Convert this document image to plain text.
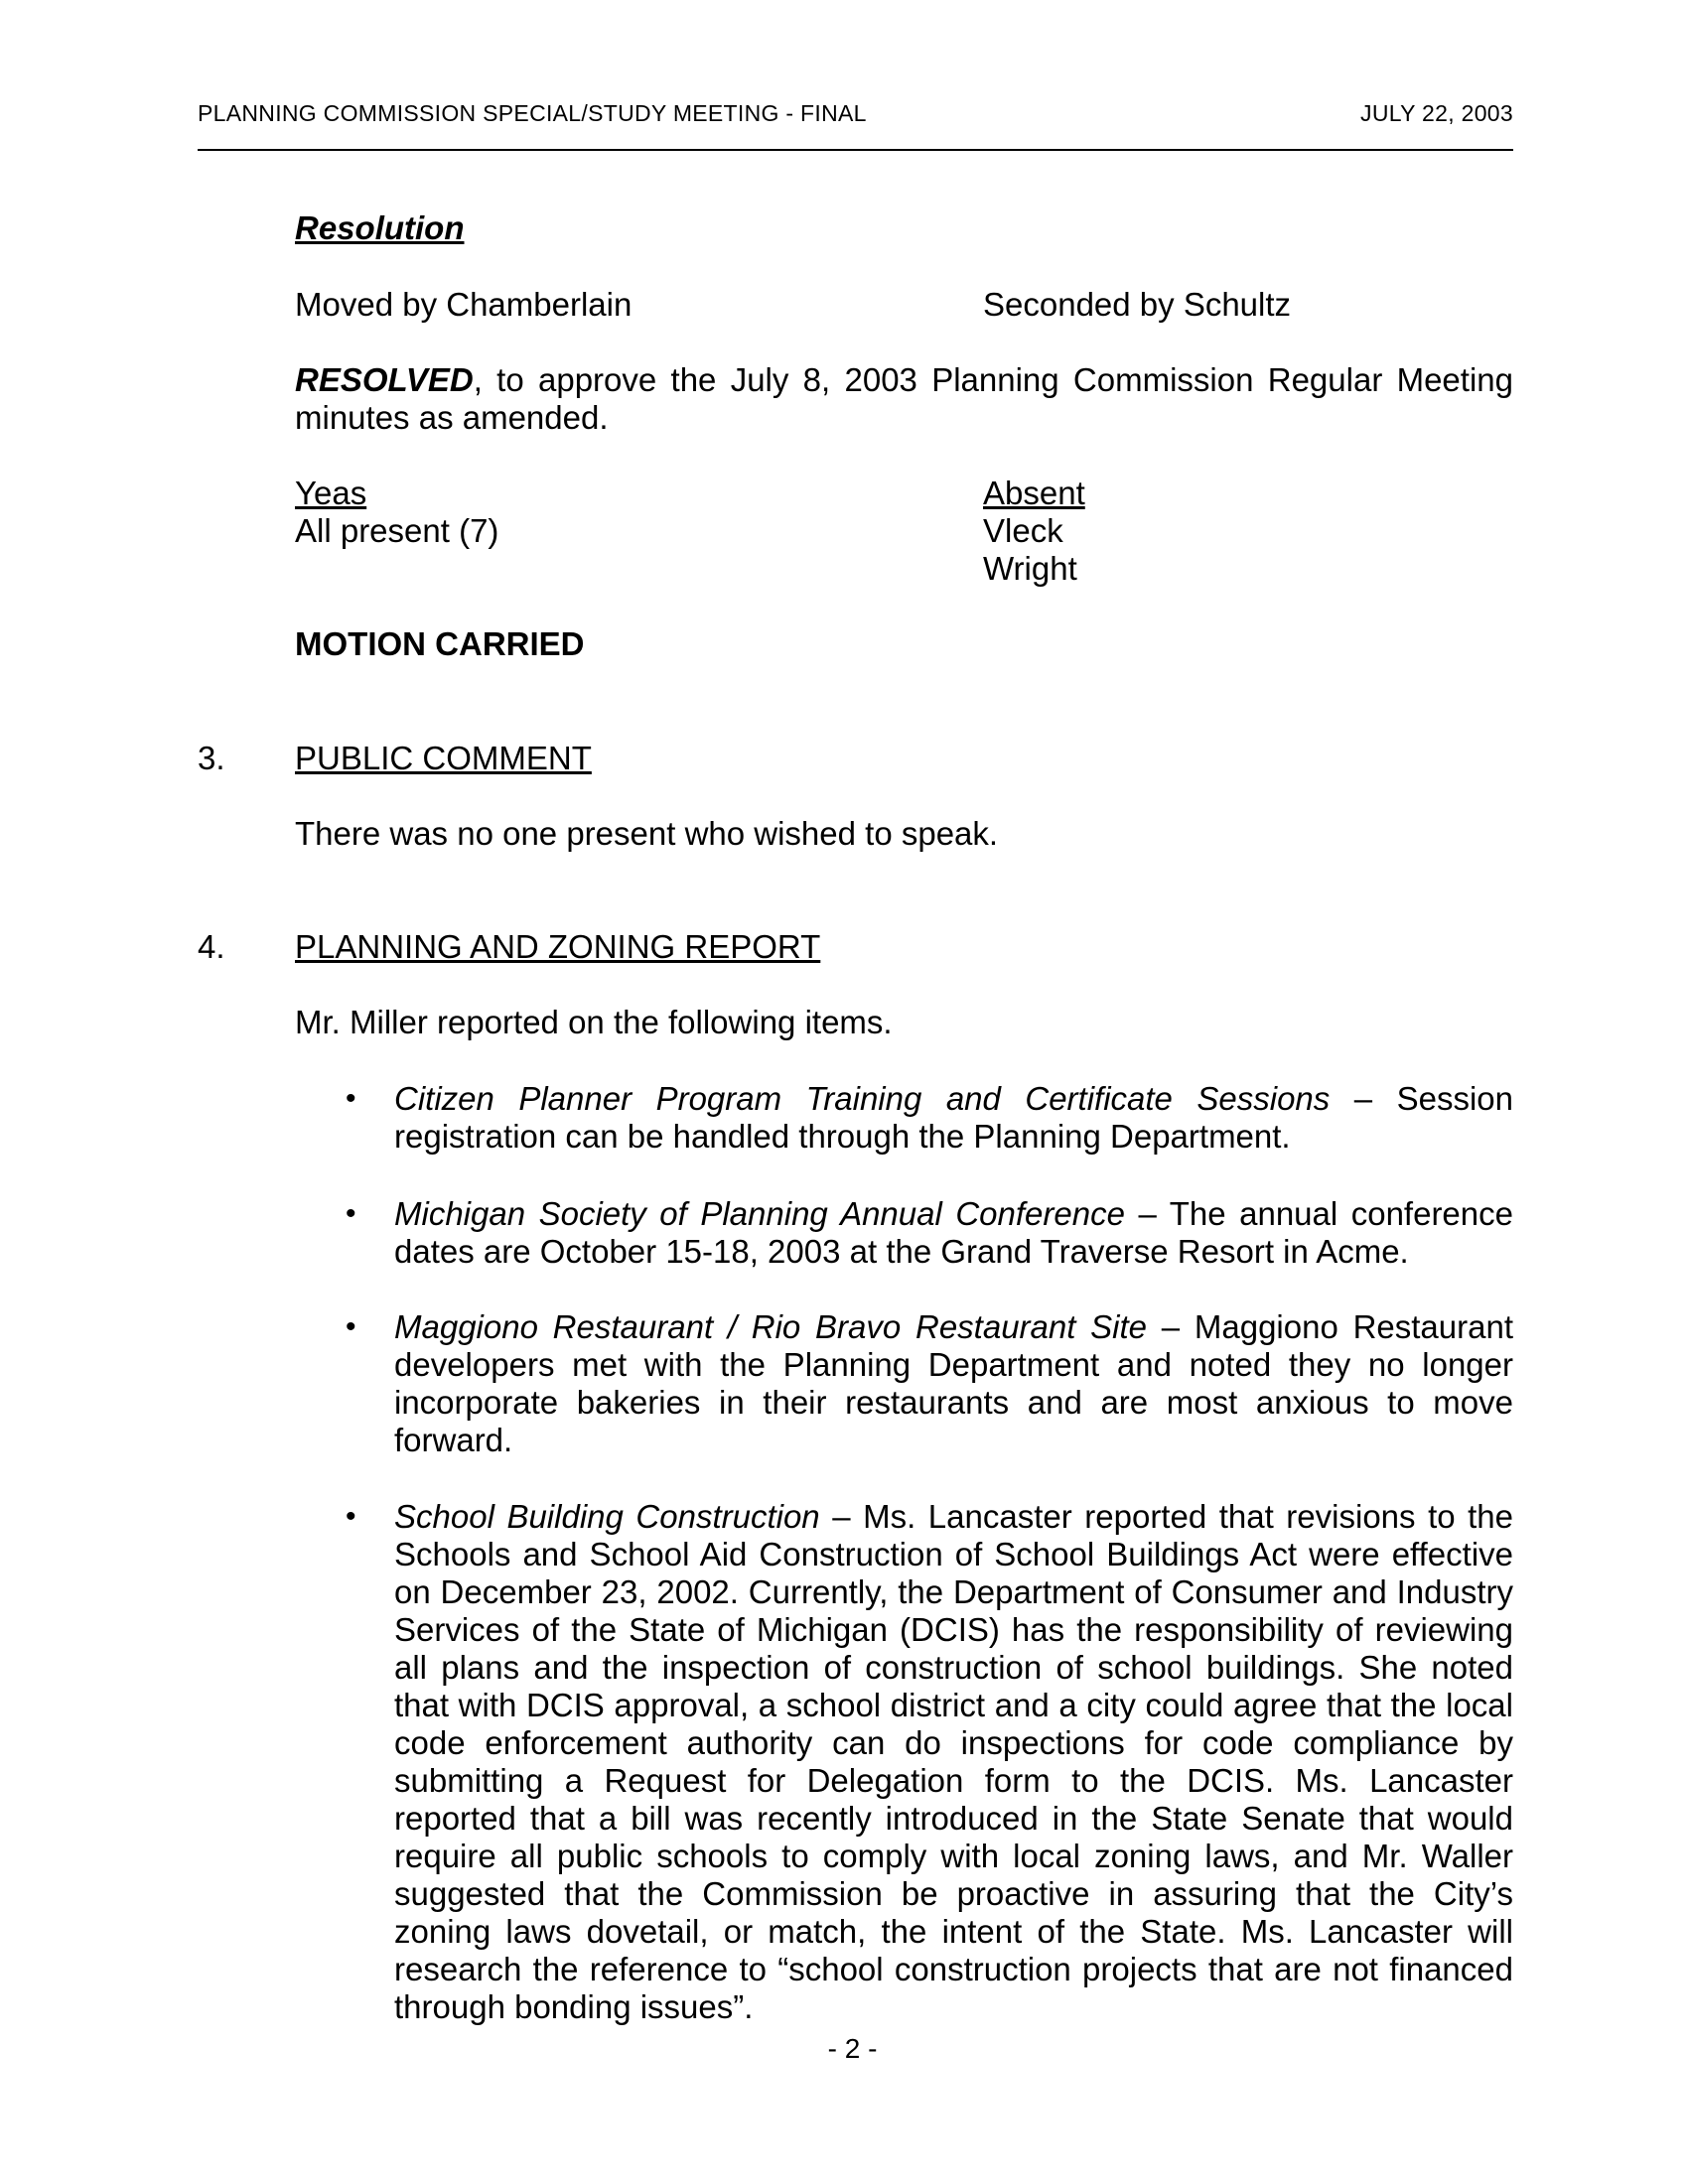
PLANNING COMMISSION SPECIAL/STUDY MEETING - FINAL	JULY 22, 2003
Resolution
Moved by Chamberlain	Seconded by Schultz
RESOLVED, to approve the July 8, 2003 Planning Commission Regular Meeting minutes as amended.
Yeas
All present (7)
Absent
Vleck
Wright
MOTION CARRIED
3. PUBLIC COMMENT
There was no one present who wished to speak.
4. PLANNING AND ZONING REPORT
Mr. Miller reported on the following items.
• Citizen Planner Program Training and Certificate Sessions – Session registration can be handled through the Planning Department.
• Michigan Society of Planning Annual Conference – The annual conference dates are October 15-18, 2003 at the Grand Traverse Resort in Acme.
• Maggiono Restaurant / Rio Bravo Restaurant Site – Maggiono Restaurant developers met with the Planning Department and noted they no longer incorporate bakeries in their restaurants and are most anxious to move forward.
• School Building Construction – Ms. Lancaster reported that revisions to the Schools and School Aid Construction of School Buildings Act were effective on December 23, 2002. Currently, the Department of Consumer and Industry Services of the State of Michigan (DCIS) has the responsibility of reviewing all plans and the inspection of construction of school buildings. She noted that with DCIS approval, a school district and a city could agree that the local code enforcement authority can do inspections for code compliance by submitting a Request for Delegation form to the DCIS. Ms. Lancaster reported that a bill was recently introduced in the State Senate that would require all public schools to comply with local zoning laws, and Mr. Waller suggested that the Commission be proactive in assuring that the City’s zoning laws dovetail, or match, the intent of the State. Ms. Lancaster will research the reference to “school construction projects that are not financed through bonding issues”.
- 2 -
